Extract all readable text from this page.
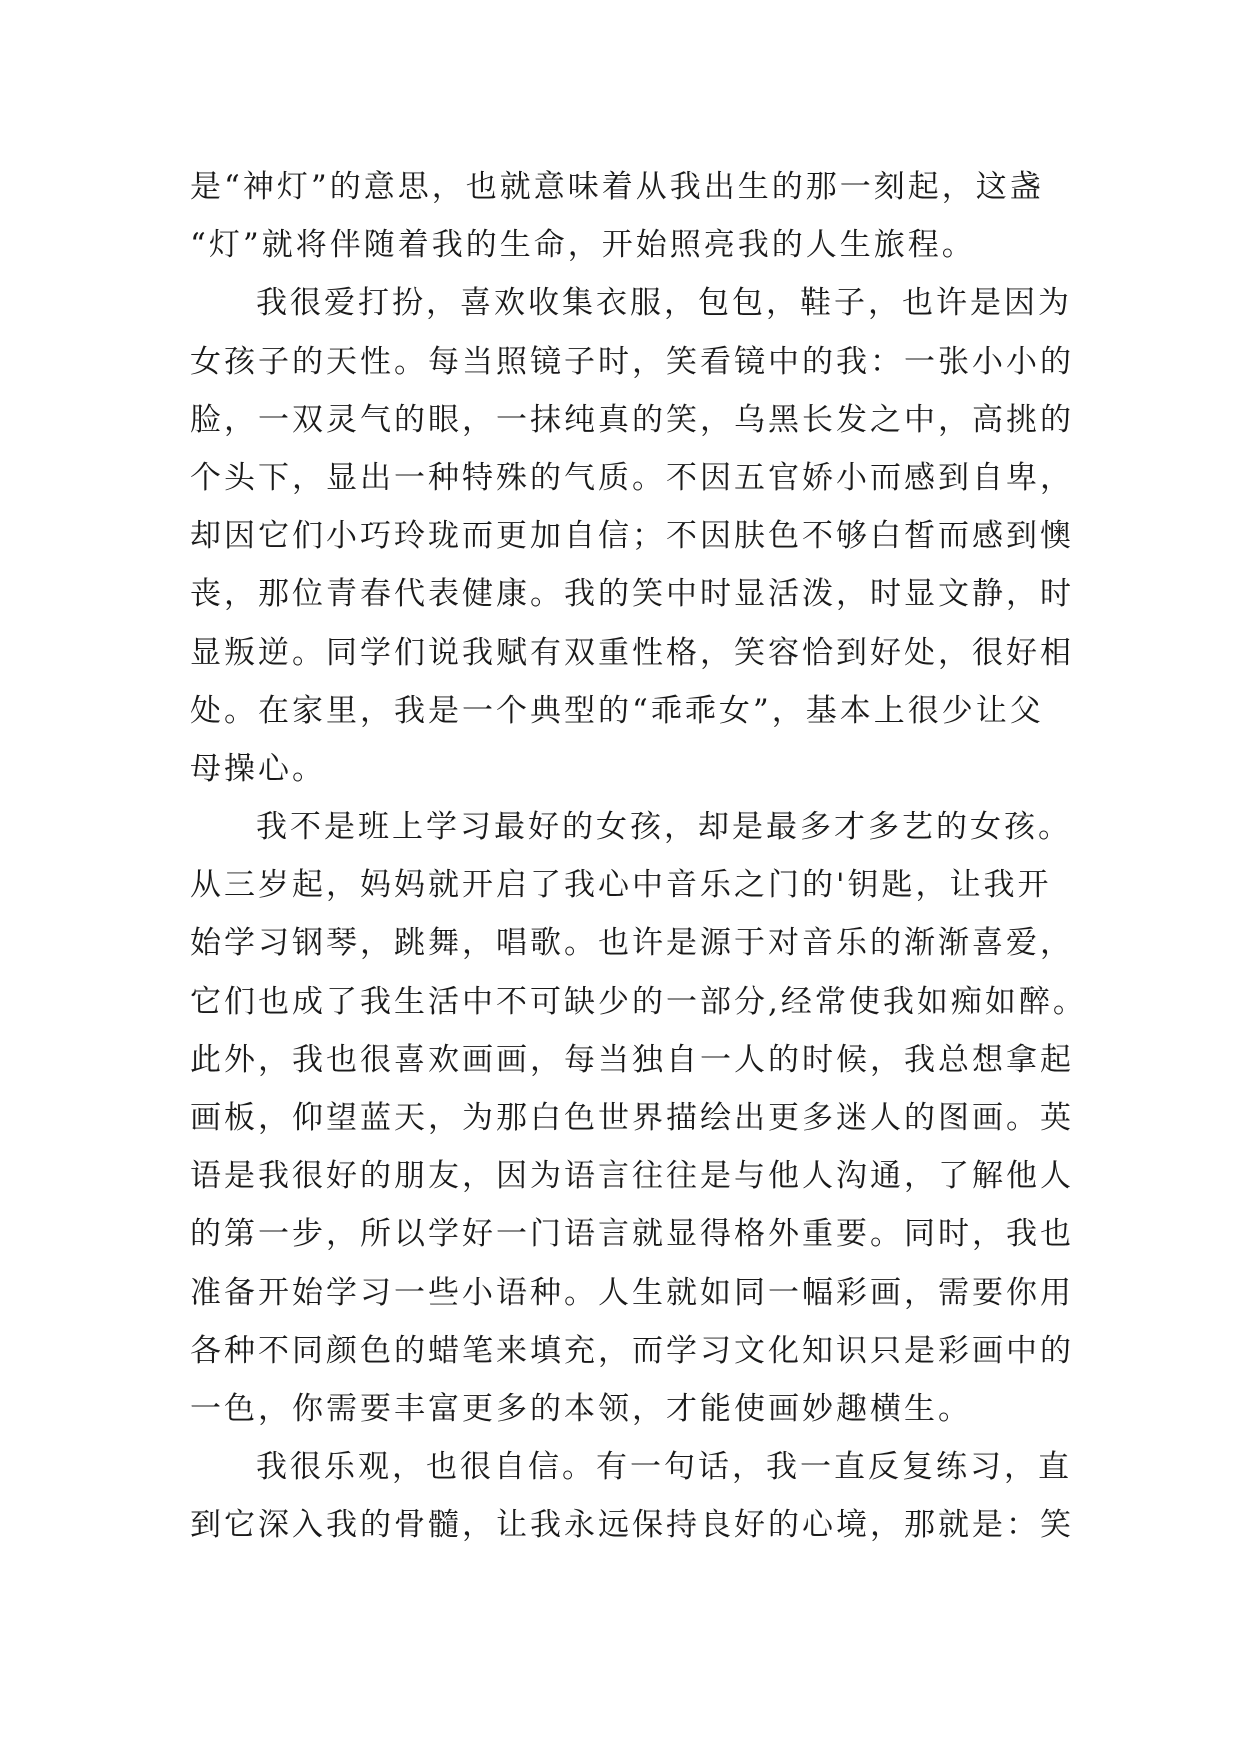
是“神灯”的意思，也就意味着从我出生的那一刻起，这盏
“灯”就将伴随着我的生命，开始照亮我的人生旅程。
我很爱打扮，喜欢收集衣服，包包，鞋子，也许是因为
女孩子的天性。每当照镜子时，笑看镜中的我：一张小小的
脸，一双灵气的眼，一抹纯真的笑，乌黑长发之中，高挑的
个头下，显出一种特殊的气质。不因五官娇小而感到自卑，
却因它们小巧玲珑而更加自信；不因肤色不够白皙而感到懊
丧，那位青春代表健康。我的笑中时显活泼，时显文静，时
显叛逆。同学们说我赋有双重性格，笑容恰到好处，很好相
处。在家里，我是一个典型的“乖乖女”，基本上很少让父
母操心。
我不是班上学习最好的女孩，却是最多才多艺的女孩。
从三岁起，妈妈就开启了我心中音乐之门的'钥匙，让我开
始学习钢琴，跳舞，唱歌。也许是源于对音乐的渐渐喜爱，
它们也成了我生活中不可缺少的一部分,经常使我如痴如醉。
此外，我也很喜欢画画，每当独自一人的时候，我总想拿起
画板，仰望蓝天，为那白色世界描绘出更多迷人的图画。英
语是我很好的朋友，因为语言往往是与他人沟通，了解他人
的第一步，所以学好一门语言就显得格外重要。同时，我也
准备开始学习一些小语种。人生就如同一幅彩画，需要你用
各种不同颜色的蜡笔来填充，而学习文化知识只是彩画中的
一色，你需要丰富更多的本领，才能使画妙趣横生。
我很乐观，也很自信。有一句话，我一直反复练习，直
到它深入我的骨髓，让我永远保持良好的心境，那就是：笑
